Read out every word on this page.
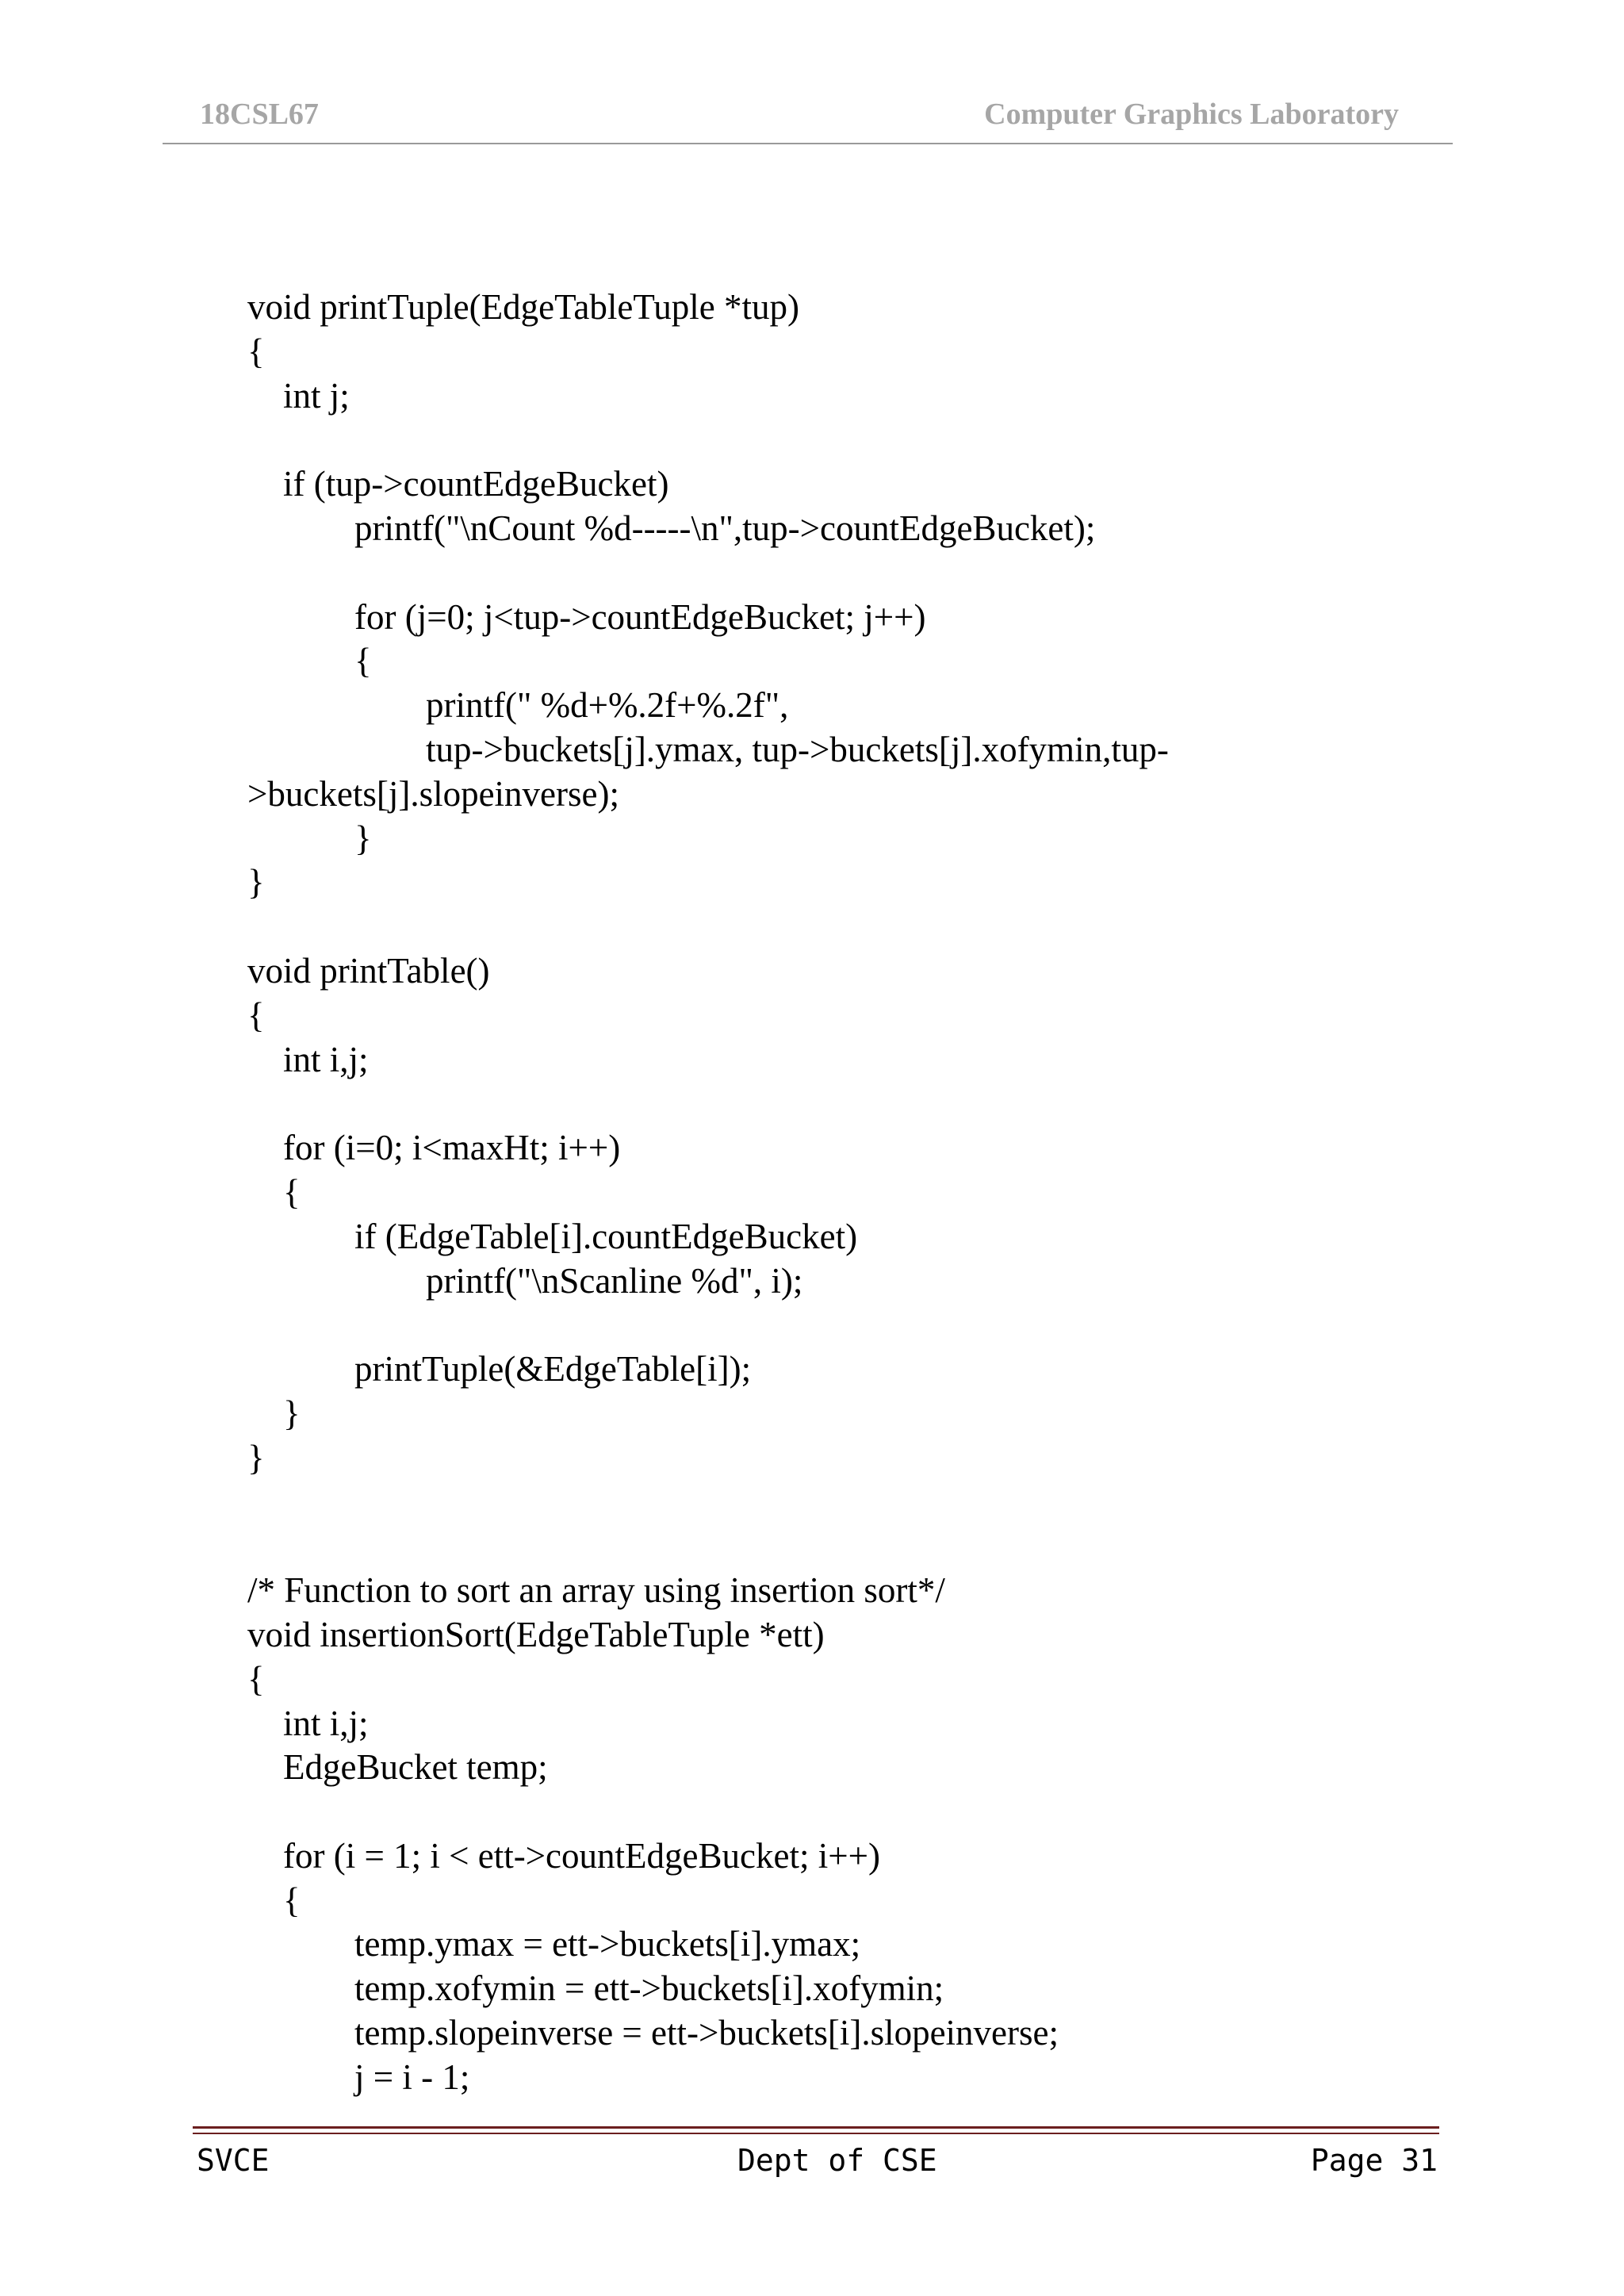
18CSL67	Computer Graphics Laboratory
void printTuple(EdgeTableTuple *tup)
{
int j;

if (tup->countEdgeBucket)
printf("\nCount %d-----\n",tup->countEdgeBucket);

for (j=0; j<tup->countEdgeBucket; j++)
{
printf(" %d+%.2f+%.2f",
tup->buckets[j].ymax, tup->buckets[j].xofymin,tup-
>buckets[j].slopeinverse);
}
}

void printTable()
{
int i,j;

for (i=0; i<maxHt; i++)
{
if (EdgeTable[i].countEdgeBucket)
printf("\nScanline %d", i);

printTuple(&EdgeTable[i]);
}
}

/* Function to sort an array using insertion sort*/
void insertionSort(EdgeTableTuple *ett)
{
int i,j;
EdgeBucket temp;

for (i = 1; i < ett->countEdgeBucket; i++)
{
temp.ymax = ett->buckets[i].ymax;
temp.xofymin = ett->buckets[i].xofymin;
temp.slopeinverse = ett->buckets[i].slopeinverse;
j = i - 1;
SVCE	Dept of CSE	Page 31
